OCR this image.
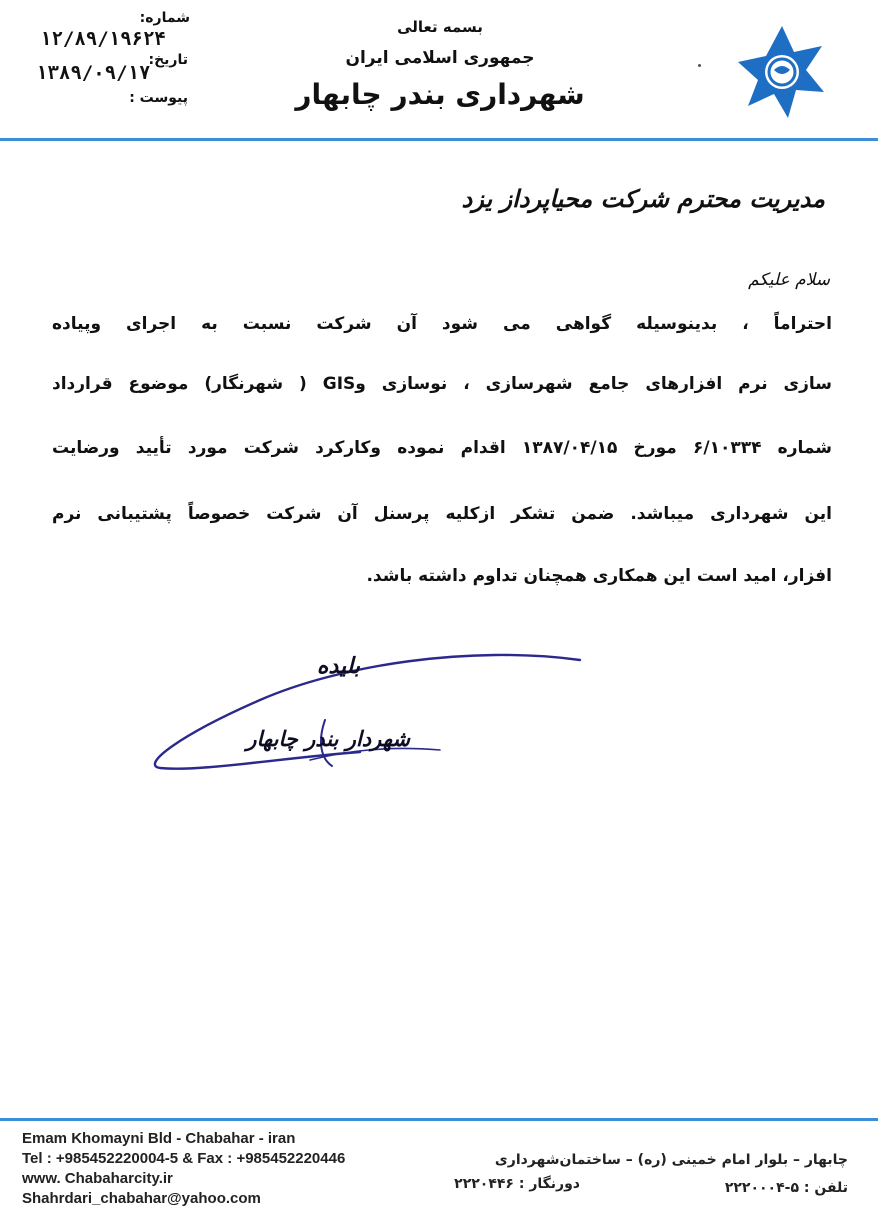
بسمه تعالی
جمهوری اسلامی ایران
شهرداری بندر چابهار
شماره:
۱۲/۸۹/۱۹۶۲۴
تاریخ:
۱۳۸۹/۰۹/۱۷
پیوست :
مدیریت محترم شرکت محیاپرداز یزد
سلام علیکم
احتراماً ، بدینوسیله گواهی می شود آن شرکت نسبت به اجرای وپیاده
سازی نرم افزارهای جامع شهرسازی ، نوسازی وGIS ( شهرنگار) موضوع قرارداد
شماره ۶/۱۰۳۳۴ مورخ ۱۳۸۷/۰۴/۱۵ اقدام نموده وکارکرد شرکت مورد تأیید ورضایت
این شهرداری میباشد. ضمن تشکر ازکلیه پرسنل آن شرکت خصوصاً پشتیبانی نرم
افزار، امید است این همکاری همچنان تداوم داشته باشد.
بلیده
شهردار بندر چابهار
Emam Khomayni Bld - Chabahar - iran
Tel : +985452220004-5 & Fax : +985452220446
www. Chabaharcity.ir
Shahrdari_chabahar@yahoo.com
چابهار – بلوار امام خمینی (ره) – ساختمان‌شهرداری
تلفن : ۵-۲۲۲۰۰۰۴
دورنگار : ۲۲۲۰۴۴۶
